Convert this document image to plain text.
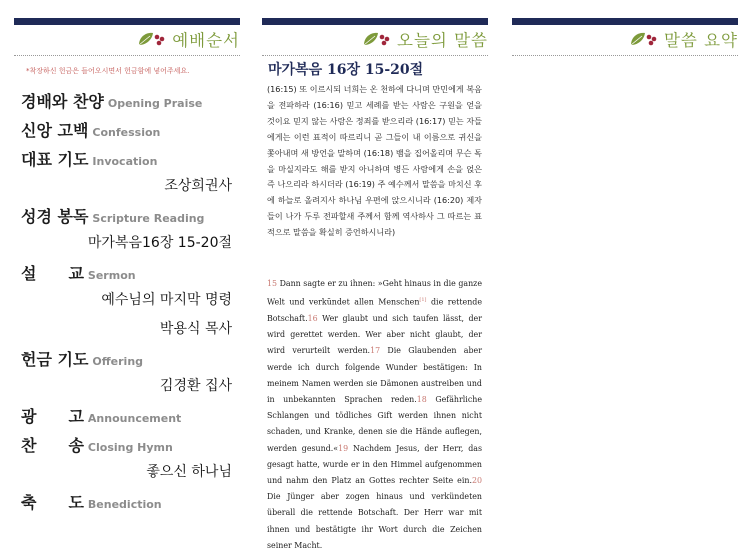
예배순서
*착장하신 헌금은 들어오시면서 헌금함에 넣어주세요.
경배와 찬양 Opening Praise
신앙 고백 Confession
대표 기도 Invocation
조상희권사
성경 봉독 Scripture Reading
마가복음16장 15-20절
설　　교 Sermon
예수님의 마지막 명령
박용식 목사
헌금 기도 Offering
김경환 집사
광　　고 Announcement
찬　　송 Closing Hymn
좋으신 하나님
축　　도 Benediction
오늘의 말씀
마가복음 16장 15-20절
(16:15) 또 이르시되 너희는 온 천하에 다니며 만민에게 복음을 전파하라 (16:16) 믿고 세례를 받는 사람은 구원을 얻을 것이요 믿지 않는 사람은 정죄를 받으리라 (16:17) 믿는 자들에게는 이런 표적이 따르리니 곧 그들이 내 이름으로 귀신을 쫓아내며 새 방언을 말하며 (16:18) 뱀을 집어올리며 무슨 독을 마실지라도 해를 받지 아니하며 병든 사람에게 손을 얹은즉 나으리라 하시더라 (16:19) 주 예수께서 말씀을 마치신 후에 하늘로 올려지사 하나님 우편에 앉으시니라 (16:20) 제자들이 나가 두루 전파할새 주께서 함께 역사하사 그 따르는 표적으로 말씀을 확실히 증언하시니라)
15 Dann sagte er zu ihnen: »Geht hinaus in die ganze Welt und verkündet allen Menschen[1] die rettende Botschaft.16 Wer glaubt und sich taufen lässt, der wird gerettet werden. Wer aber nicht glaubt, der wird verurteilt werden.17 Die Glaubenden aber werde ich durch folgende Wunder bestätigen: In meinem Namen werden sie Dämonen austreiben und in unbekannten Sprachen reden.18 Gefährliche Schlangen und tödliches Gift werden ihnen nicht schaden, und Kranke, denen sie die Hände auflegen, werden gesund.«19 Nachdem Jesus, der Herr, das gesagt hatte, wurde er in den Himmel aufgenommen und nahm den Platz an Gottes rechter Seite ein.20 Die Jünger aber zogen hinaus und verkündeten überall die rettende Botschaft. Der Herr war mit ihnen und bestätigte ihr Wort durch die Zeichen seiner Macht.
말씀 요약
